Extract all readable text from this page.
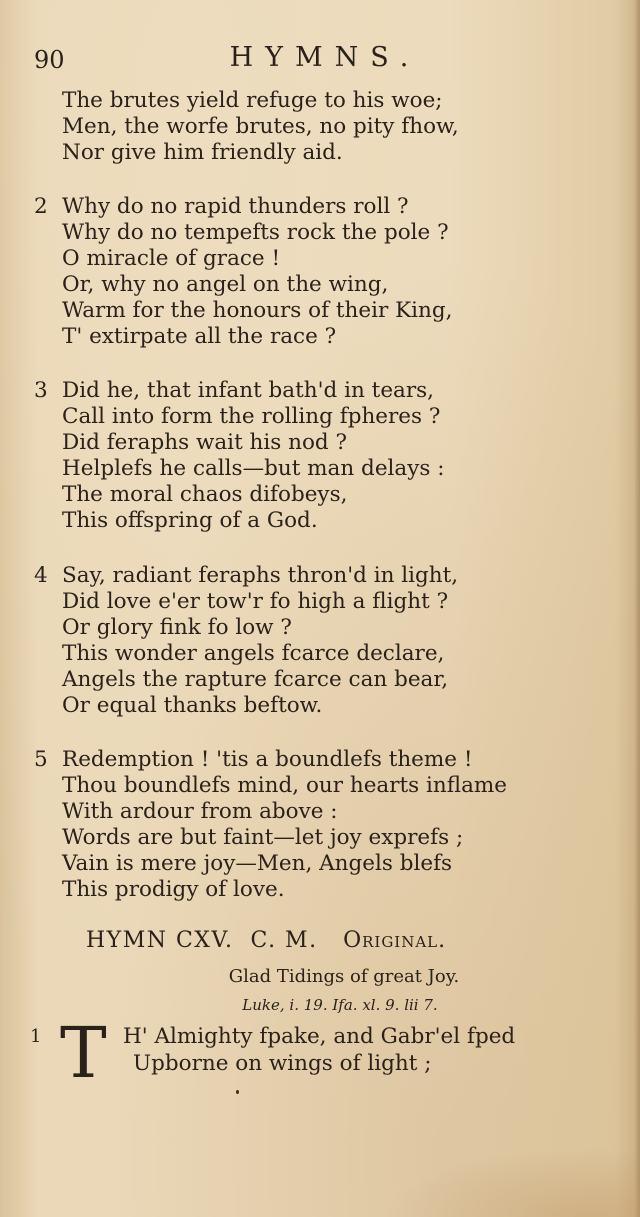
90	HYMNS.
The brutes yield refuge to his woe;
Men, the worfe brutes, no pity fhow,
Nor give him friendly aid.
2 Why do no rapid thunders roll ?
Why do no tempefts rock the pole ?
O miracle of grace !
Or, why no angel on the wing,
Warm for the honours of their King,
T' extirpate all the race ?
3 Did he, that infant bath'd in tears,
Call into form the rolling fpheres ?
Did feraphs wait his nod ?
Helplefs he calls—but man delays :
The moral chaos difobeys,
This offspring of a God.
4 Say, radiant feraphs thron'd in light,
Did love e'er tow'r fo high a flight ?
Or glory fink fo low ?
This wonder angels fcarce declare,
Angels the rapture fcarce can bear,
Or equal thanks beftow.
5 Redemption ! 'tis a boundlefs theme !
Thou boundlefs mind, our hearts inflame
With ardour from above :
Words are but faint—let joy exprefs ;
Vain is mere joy—Men, Angels blefs
This prodigy of love.
HYMN CXV. C. M. Original.
Glad Tidings of great Joy.
Luke, i. 19. Ifa. xl. 9. lii 7.
1 T H' Almighty fpake, and Gabr'el fped
Upborne on wings of light ;
